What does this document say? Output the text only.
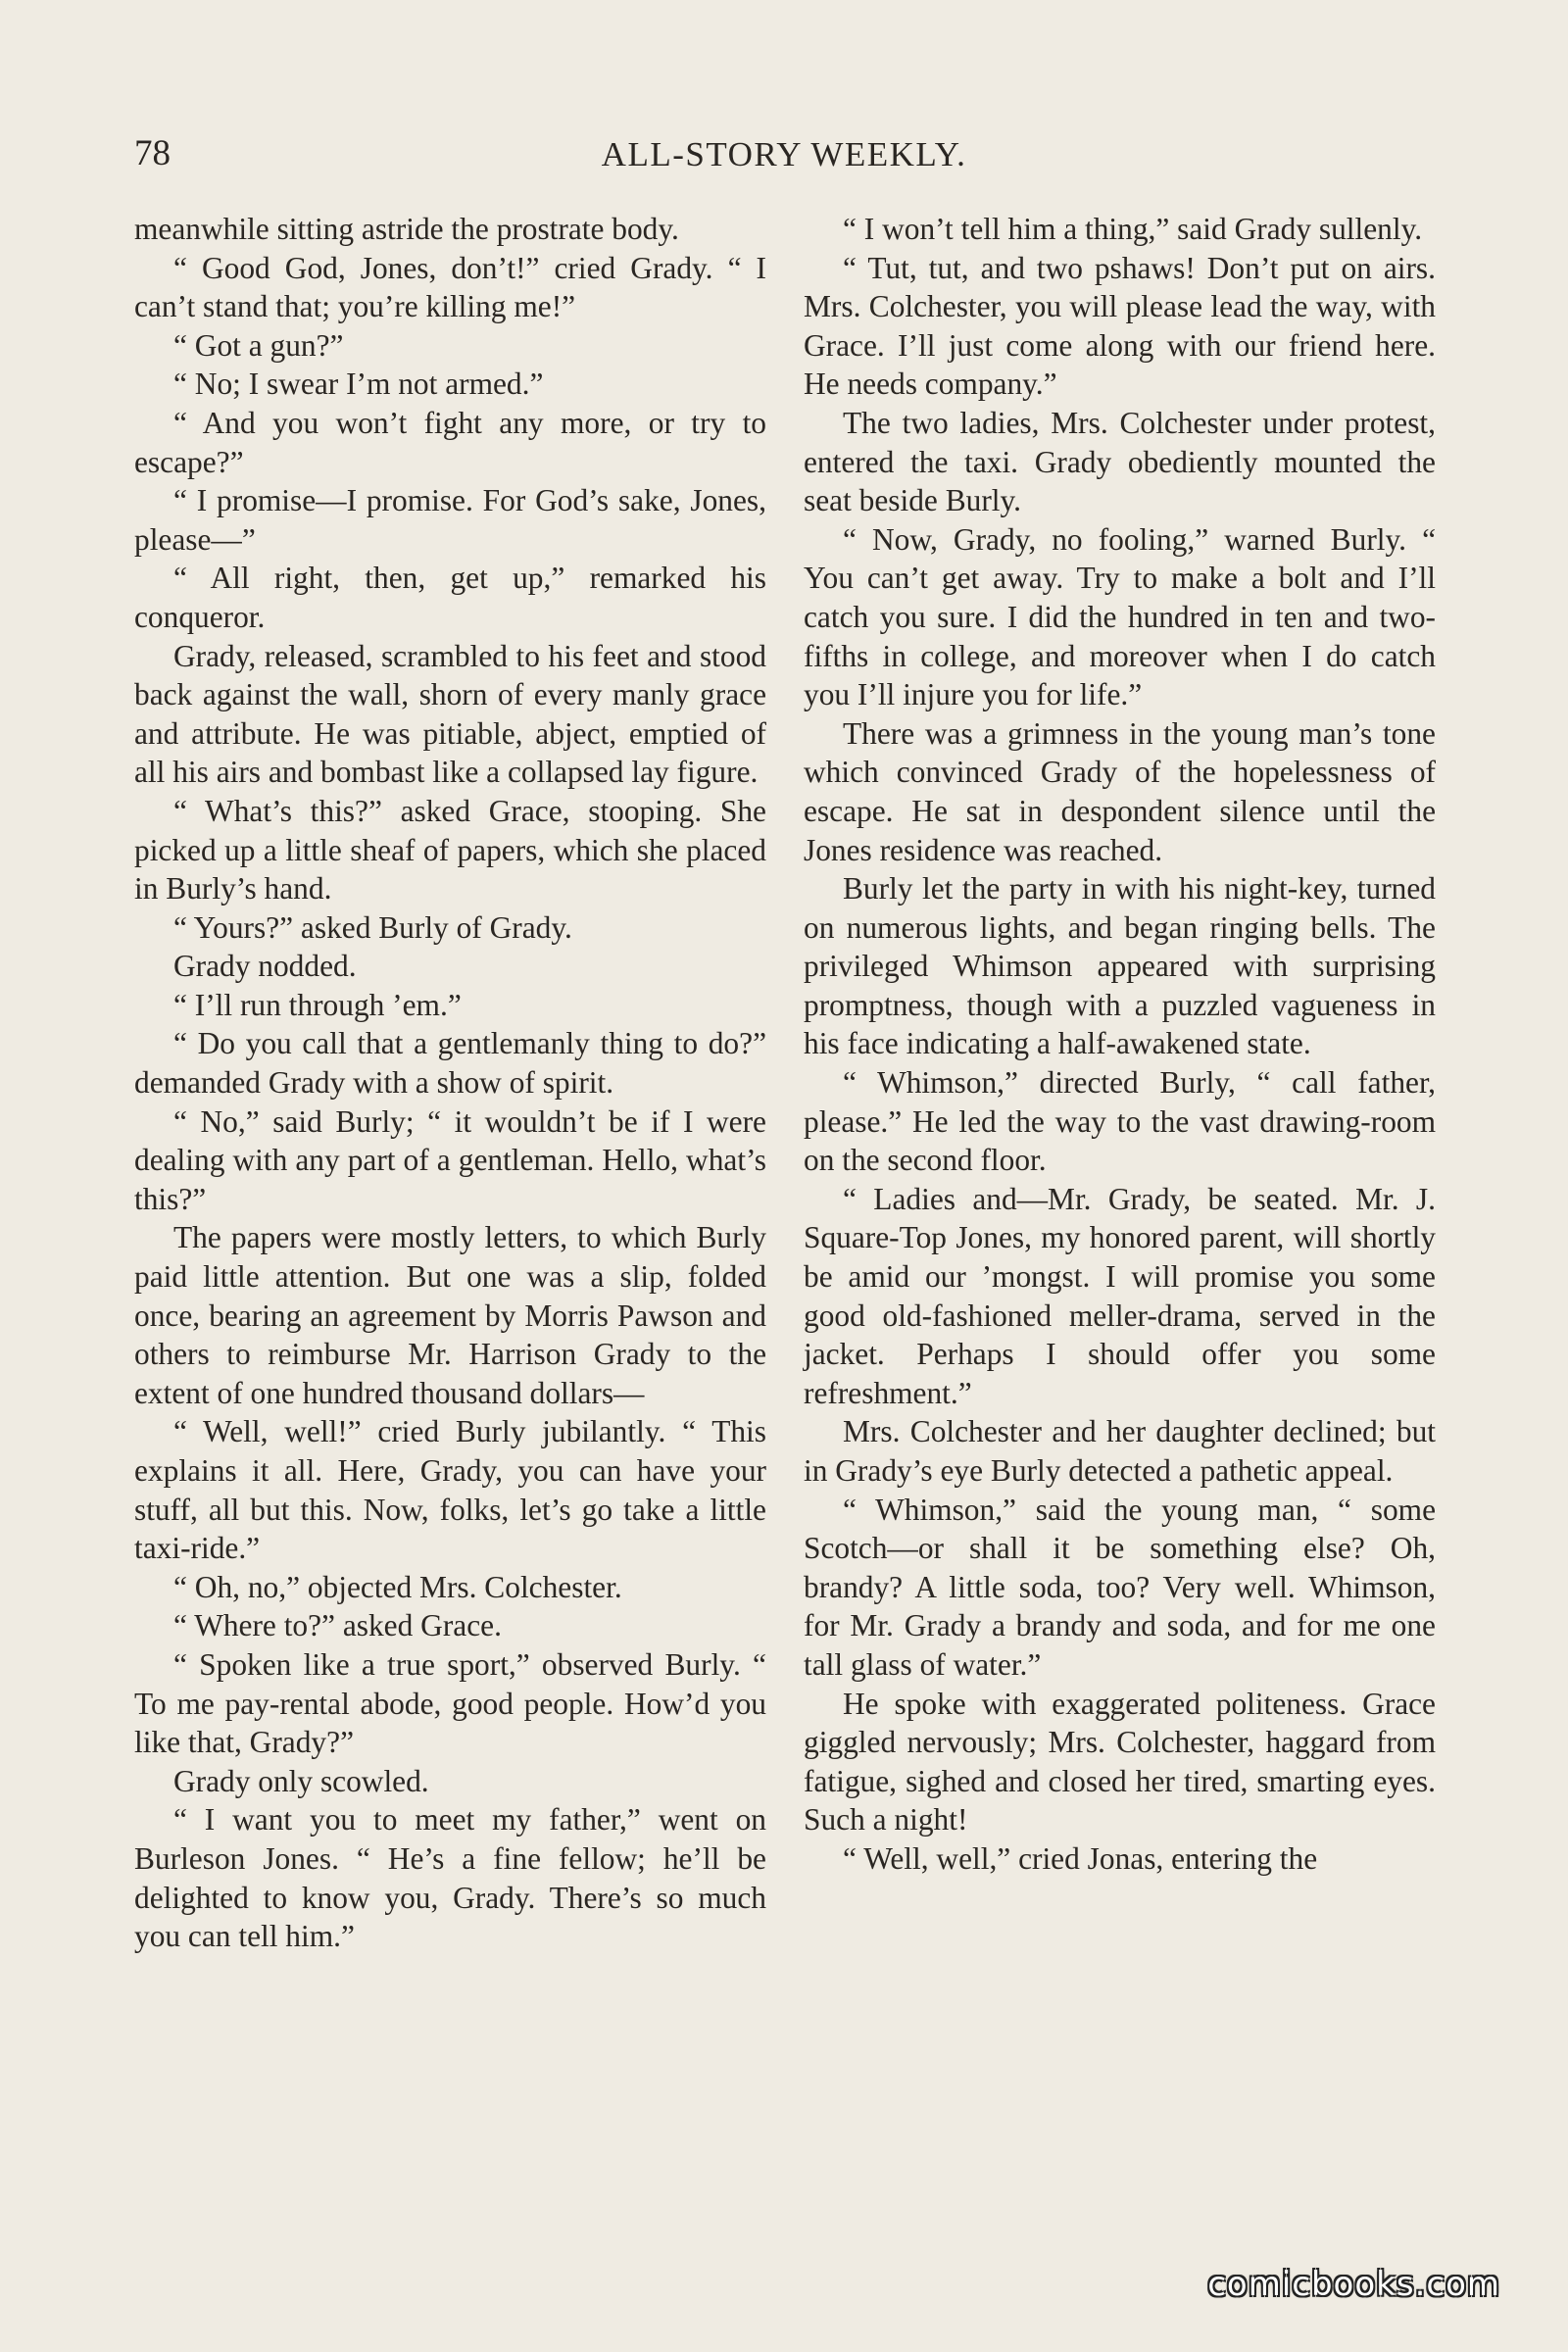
78	ALL-STORY WEEKLY.

meanwhile sitting astride the prostrate body.

“ Good God, Jones, don’t!” cried Grady. “ I can’t stand that; you’re killing me!”

“ Got a gun?”

“ No; I swear I’m not armed.”

“ And you won’t fight any more, or try to escape?”

“ I promise—I promise. For God’s sake, Jones, please—”

“ All right, then, get up,” remarked his conqueror.

Grady, released, scrambled to his feet and stood back against the wall, shorn of every manly grace and attribute. He was pitiable, abject, emptied of all his airs and bombast like a collapsed lay figure.

“ What’s this?” asked Grace, stooping. She picked up a little sheaf of papers, which she placed in Burly’s hand.

“ Yours?” asked Burly of Grady.

Grady nodded.

“ I’ll run through ’em.”

“ Do you call that a gentlemanly thing to do?” demanded Grady with a show of spirit.

“ No,” said Burly; “ it wouldn’t be if I were dealing with any part of a gentleman. Hello, what’s this?”

The papers were mostly letters, to which Burly paid little attention. But one was a slip, folded once, bearing an agreement by Morris Pawson and others to reimburse Mr. Harrison Grady to the extent of one hundred thousand dollars—

“ Well, well!” cried Burly jubilantly. “ This explains it all. Here, Grady, you can have your stuff, all but this. Now, folks, let’s go take a little taxi-ride.”

“ Oh, no,” objected Mrs. Colchester.

“ Where to?” asked Grace.

“ Spoken like a true sport,” observed Burly. “ To me pay-rental abode, good people. How’d you like that, Grady?”

Grady only scowled.

“ I want you to meet my father,” went on Burleson Jones. “ He’s a fine fellow; he’ll be delighted to know you, Grady. There’s so much you can tell him.”

“ I won’t tell him a thing,” said Grady sullenly.

“ Tut, tut, and two pshaws! Don’t put on airs. Mrs. Colchester, you will please lead the way, with Grace. I’ll just come along with our friend here. He needs company.”

The two ladies, Mrs. Colchester under protest, entered the taxi. Grady obediently mounted the seat beside Burly.

“ Now, Grady, no fooling,” warned Burly. “ You can’t get away. Try to make a bolt and I’ll catch you sure. I did the hundred in ten and two-fifths in college, and moreover when I do catch you I’ll injure you for life.”

There was a grimness in the young man’s tone which convinced Grady of the hopelessness of escape. He sat in despondent silence until the Jones residence was reached.

Burly let the party in with his night-key, turned on numerous lights, and began ringing bells. The privileged Whimson appeared with surprising promptness, though with a puzzled vagueness in his face indicating a half-awakened state.

“ Whimson,” directed Burly, “ call father, please.” He led the way to the vast drawing-room on the second floor.

“ Ladies and—Mr. Grady, be seated. Mr. J. Square-Top Jones, my honored parent, will shortly be amid our ’mongst. I will promise you some good old-fashioned meller-drama, served in the jacket. Perhaps I should offer you some refreshment.”

Mrs. Colchester and her daughter declined; but in Grady’s eye Burly detected a pathetic appeal.

“ Whimson,” said the young man, “ some Scotch—or shall it be something else? Oh, brandy? A little soda, too? Very well. Whimson, for Mr. Grady a brandy and soda, and for me one tall glass of water.”

He spoke with exaggerated politeness. Grace giggled nervously; Mrs. Colchester, haggard from fatigue, sighed and closed her tired, smarting eyes. Such a night!

“ Well, well,” cried Jonas, entering the

comicbooks.com
